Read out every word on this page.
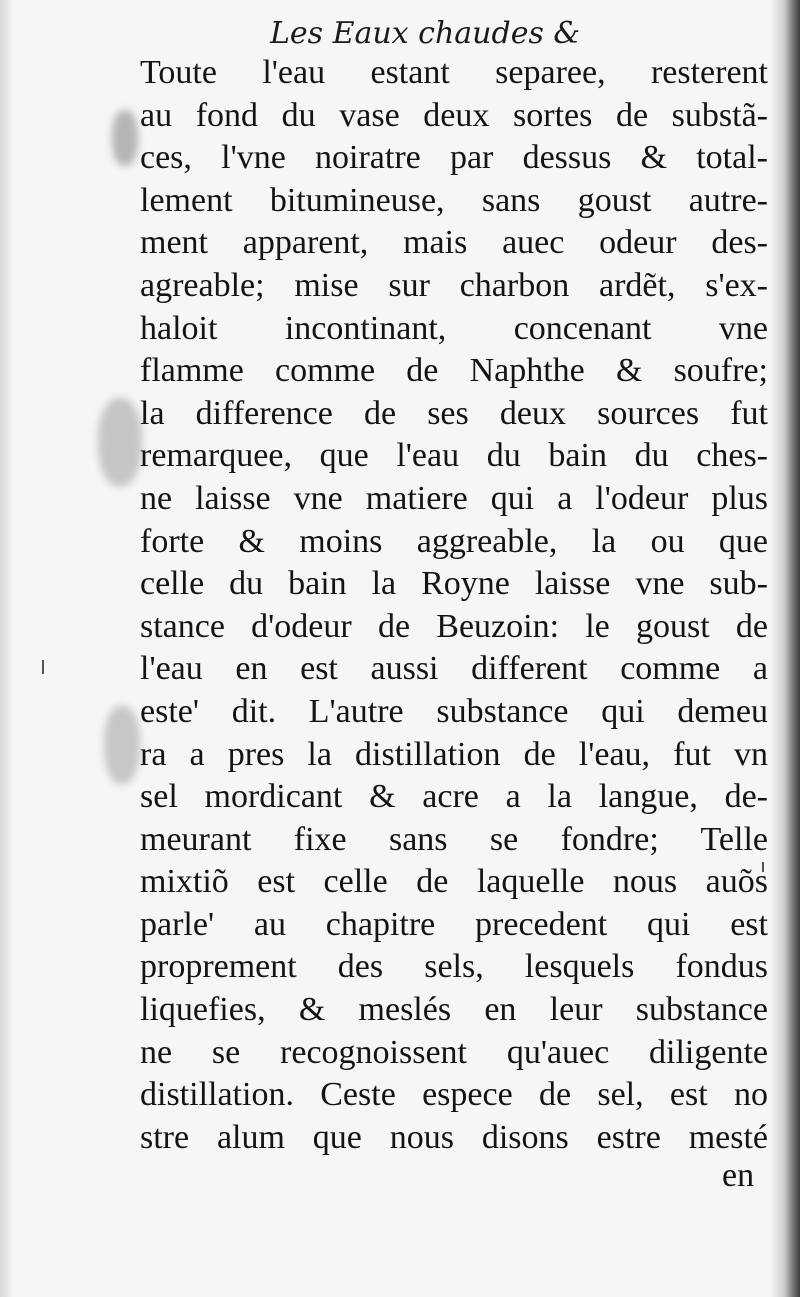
Les Eaux chaudes &
Toute l'eau estant separee, resterent
au fond du vase deux sortes de substã-
ces, l'vne noiratre par dessus & total-
lement bitumineuse, sans goust autre-
ment apparent, mais auec odeur des-
agreable; mise sur charbon ardẽt, s'ex-
haloit incontinant, concenant vne
flamme comme de Naphthe & soufre;
la difference de ses deux sources fut
remarquee, que l'eau du bain du ches-
ne laisse vne matiere qui a l'odeur plus
forte & moins aggreable, la ou que
celle du bain la Royne laisse vne sub-
stance d'odeur de Beuzoin: le goust de
l'eau en est aussi different comme a
este' dit. L'autre substance qui demeu
ra a pres la distillation de l'eau, fut vn
sel mordicant & acre a la langue, de-
meurant fixe sans se fondre; Telle
mixtiõ est celle de laquelle nous auõs
parle' au chapitre precedent qui est
proprement des sels, lesquels fondus
liquefies, & meslés en leur substance
ne se recognoissent qu'auec diligente
distillation. Ceste espece de sel, est no
stre alum que nous disons estre mesté
en
